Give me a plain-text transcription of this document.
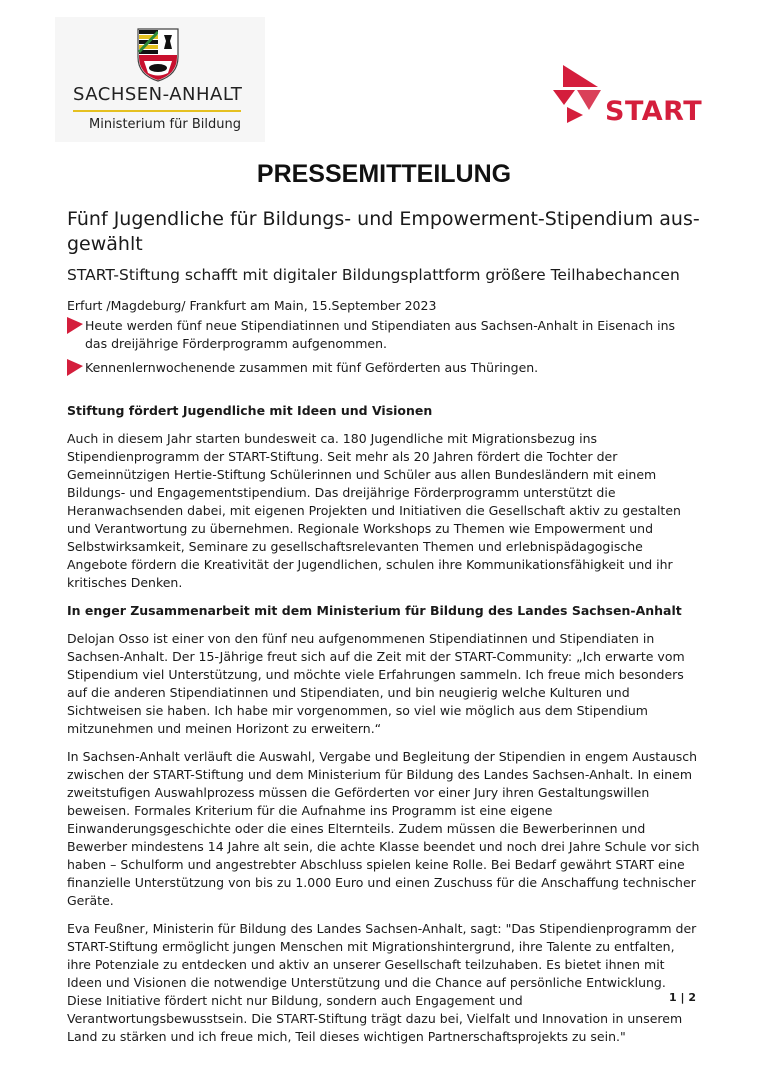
SACHSEN-ANHALT
Ministerium für Bildung	START
PRESSEMITTEILUNG
Fünf Jugendliche für Bildungs- und Empowerment-Stipendium ausgewählt
START-Stiftung schafft mit digitaler Bildungsplattform größere Teilhabechancen
Erfurt /Magdeburg/ Frankfurt am Main, 15.September 2023
Heute werden fünf neue Stipendiatinnen und Stipendiaten aus Sachsen-Anhalt in Eisenach ins das dreijährige Förderprogramm aufgenommen.
Kennenlernwochenende zusammen mit fünf Geförderten aus Thüringen.
Stiftung fördert Jugendliche mit Ideen und Visionen

Auch in diesem Jahr starten bundesweit ca. 180 Jugendliche mit Migrationsbezug ins Stipendienprogramm der START-Stiftung. Seit mehr als 20 Jahren fördert die Tochter der Gemeinnützigen Hertie-Stiftung Schülerinnen und Schüler aus allen Bundesländern mit einem Bildungs- und Engagementstipendium. Das dreijährige Förderprogramm unterstützt die Heranwachsenden dabei, mit eigenen Projekten und Initiativen die Gesellschaft aktiv zu gestalten und Verantwortung zu übernehmen. Regionale Workshops zu Themen wie Empowerment und Selbstwirksamkeit, Seminare zu gesellschaftsrelevanten Themen und erlebnispädagogische Angebote fördern die Kreativität der Jugendlichen, schulen ihre Kommunikationsfähigkeit und ihr kritisches Denken.

In enger Zusammenarbeit mit dem Ministerium für Bildung des Landes Sachsen-Anhalt

Delojan Osso ist einer von den fünf neu aufgenommenen Stipendiatinnen und Stipendiaten in Sachsen-Anhalt. Der 15-Jährige freut sich auf die Zeit mit der START-Community: „Ich erwarte vom Stipendium viel Unterstützung, und möchte viele Erfahrungen sammeln. Ich freue mich besonders auf die anderen Stipendiatinnen und Stipendiaten, und bin neugierig welche Kulturen und Sichtweisen sie haben. Ich habe mir vorgenommen, so viel wie möglich aus dem Stipendium mitzunehmen und meinen Horizont zu erweitern.“

In Sachsen-Anhalt verläuft die Auswahl, Vergabe und Begleitung der Stipendien in engem Austausch zwischen der START-Stiftung und dem Ministerium für Bildung des Landes Sachsen-Anhalt. In einem zweitstufigen Auswahlprozess müssen die Geförderten vor einer Jury ihren Gestaltungswillen beweisen. Formales Kriterium für die Aufnahme ins Programm ist eine eigene Einwanderungsgeschichte oder die eines Elternteils. Zudem müssen die Bewerberinnen und Bewerber mindestens 14 Jahre alt sein, die achte Klasse beendet und noch drei Jahre Schule vor sich haben – Schulform und angestrebter Abschluss spielen keine Rolle. Bei Bedarf gewährt START eine finanzielle Unterstützung von bis zu 1.000 Euro und einen Zuschuss für die Anschaffung technischer Geräte.

Eva Feußner, Ministerin für Bildung des Landes Sachsen-Anhalt, sagt: "Das Stipendienprogramm der START-Stiftung ermöglicht jungen Menschen mit Migrationshintergrund, ihre Talente zu entfalten, ihre Potenziale zu entdecken und aktiv an unserer Gesellschaft teilzuhaben. Es bietet ihnen mit Ideen und Visionen die notwendige Unterstützung und die Chance auf persönliche Entwicklung. Diese Initiative fördert nicht nur Bildung, sondern auch Engagement und Verantwortungsbewusstsein. Die START-Stiftung trägt dazu bei, Vielfalt und Innovation in unserem Land zu stärken und ich freue mich, Teil dieses wichtigen Partnerschaftsprojekts zu sein."

1 | 2
